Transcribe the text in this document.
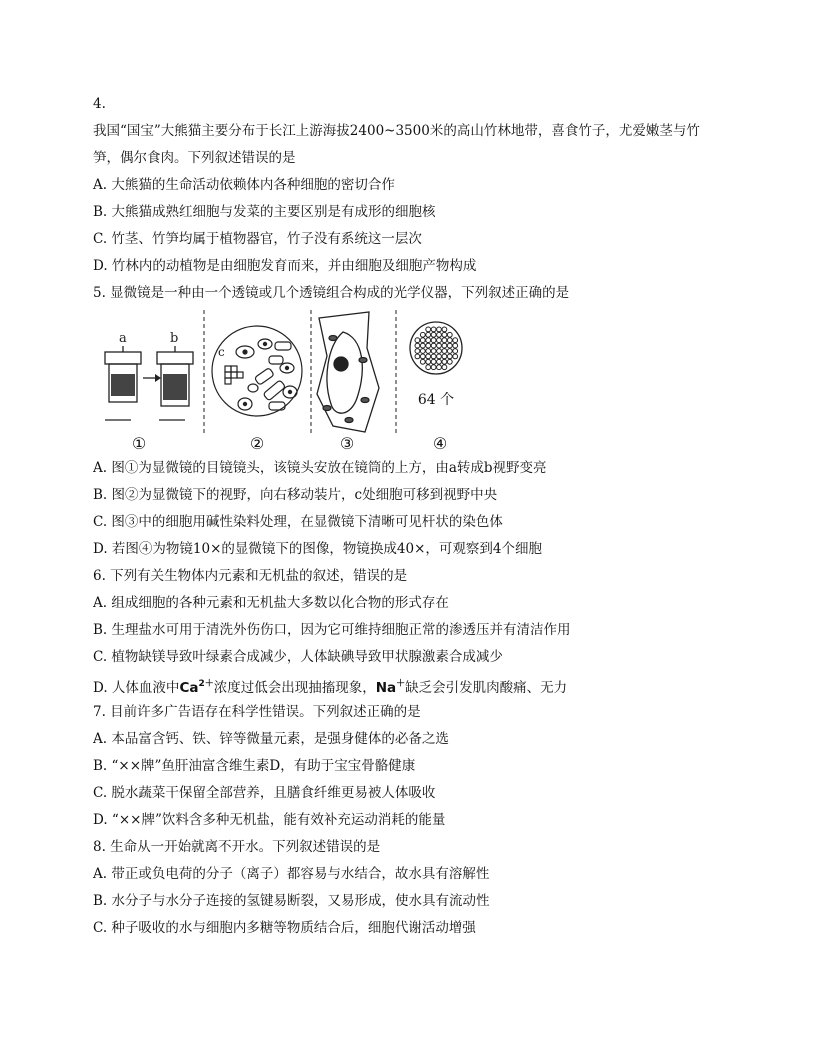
4.
我国“国宝”大熊猫主要分布于长江上游海拔2400~3500米的高山竹林地带，喜食竹子，尤爱嫩茎与竹
笋，偶尔食肉。下列叙述错误的是
A. 大熊猫的生命活动依赖体内各种细胞的密切合作
B. 大熊猫成熟红细胞与发菜的主要区别是有成形的细胞核
C. 竹茎、竹笋均属于植物器官，竹子没有系统这一层次
D. 竹林内的动植物是由细胞发育而来，并由细胞及细胞产物构成
5. 显微镜是一种由一个透镜或几个透镜组合构成的光学仪器，下列叙述正确的是
a	b
①
c
②	③
64 个
④
A. 图①为显微镜的目镜镜头，该镜头安放在镜筒的上方，由a转成b视野变亮
B. 图②为显微镜下的视野，向右移动装片，c处细胞可移到视野中央
C. 图③中的细胞用碱性染料处理，在显微镜下清晰可见杆状的染色体
D. 若图④为物镜10×的显微镜下的图像，物镜换成40×，可观察到4个细胞
6. 下列有关生物体内元素和无机盐的叙述，错误的是
A. 组成细胞的各种元素和无机盐大多数以化合物的形式存在
B. 生理盐水可用于清洗外伤伤口，因为它可维持细胞正常的渗透压并有清洁作用
C. 植物缺镁导致叶绿素合成减少，人体缺碘导致甲状腺激素合成减少
D. 人体血液中$Ca^{2+}$浓度过低会出现抽搐现象，Na＋缺乏会引发肌肉酸痛、无力
7. 目前许多广告语存在科学性错误。下列叙述正确的是
A. 本品富含钙、铁、锌等微量元素，是强身健体的必备之选
B. “××牌”鱼肝油富含维生素D，有助于宝宝骨骼健康
C. 脱水蔬菜干保留全部营养，且膳食纤维更易被人体吸收
D. “××牌”饮料含多种无机盐，能有效补充运动消耗的能量
8. 生命从一开始就离不开水。下列叙述错误的是
A. 带正或负电荷的分子（离子）都容易与水结合，故水具有溶解性
B. 水分子与水分子连接的氢键易断裂，又易形成，使水具有流动性
C. 种子吸收的水与细胞内多糖等物质结合后，细胞代谢活动增强
